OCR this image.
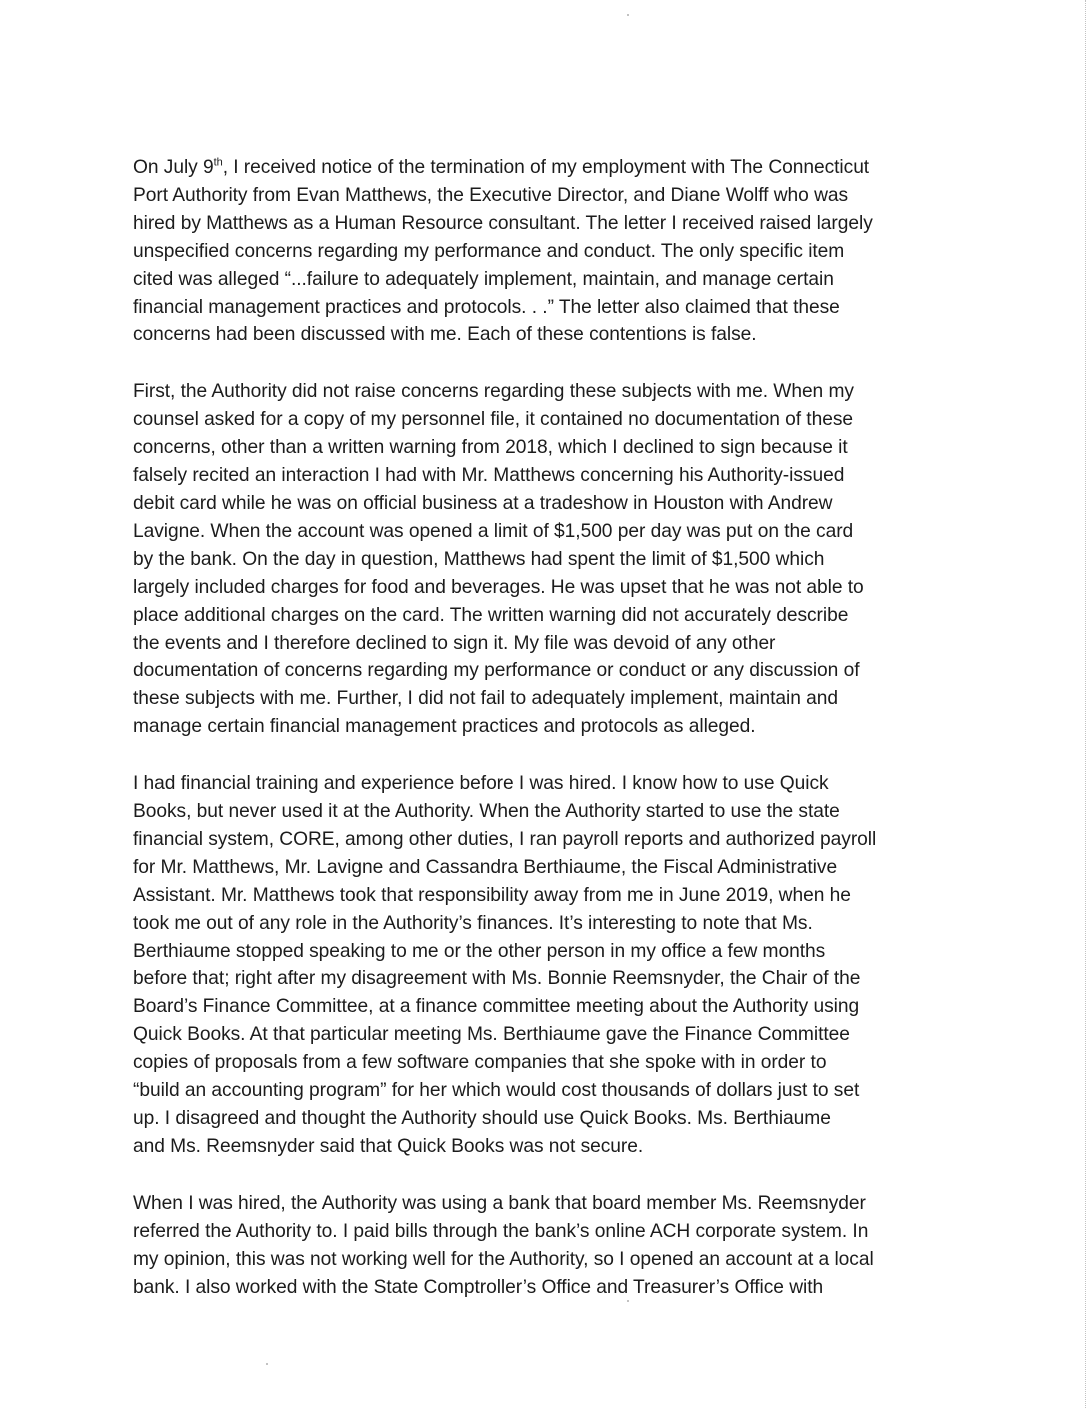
On July 9th, I received notice of the termination of my employment with The Connecticut
Port Authority from Evan Matthews, the Executive Director, and Diane Wolff who was
hired by Matthews as a Human Resource consultant. The letter I received raised largely
unspecified concerns regarding my performance and conduct. The only specific item
cited was alleged “...failure to adequately implement, maintain, and manage certain
financial management practices and protocols. . .” The letter also claimed that these
concerns had been discussed with me. Each of these contentions is false.

First, the Authority did not raise concerns regarding these subjects with me. When my
counsel asked for a copy of my personnel file, it contained no documentation of these
concerns, other than a written warning from 2018, which I declined to sign because it
falsely recited an interaction I had with Mr. Matthews concerning his Authority-issued
debit card while he was on official business at a tradeshow in Houston with Andrew
Lavigne. When the account was opened a limit of $1,500 per day was put on the card
by the bank. On the day in question, Matthews had spent the limit of $1,500 which
largely included charges for food and beverages. He was upset that he was not able to
place additional charges on the card. The written warning did not accurately describe
the events and I therefore declined to sign it. My file was devoid of any other
documentation of concerns regarding my performance or conduct or any discussion of
these subjects with me. Further, I did not fail to adequately implement, maintain and
manage certain financial management practices and protocols as alleged.

I had financial training and experience before I was hired. I know how to use Quick
Books, but never used it at the Authority. When the Authority started to use the state
financial system, CORE, among other duties, I ran payroll reports and authorized payroll
for Mr. Matthews, Mr. Lavigne and Cassandra Berthiaume, the Fiscal Administrative
Assistant. Mr. Matthews took that responsibility away from me in June 2019, when he
took me out of any role in the Authority’s finances. It’s interesting to note that Ms.
Berthiaume stopped speaking to me or the other person in my office a few months
before that; right after my disagreement with Ms. Bonnie Reemsnyder, the Chair of the
Board’s Finance Committee, at a finance committee meeting about the Authority using
Quick Books. At that particular meeting Ms. Berthiaume gave the Finance Committee
copies of proposals from a few software companies that she spoke with in order to
“build an accounting program” for her which would cost thousands of dollars just to set
up. I disagreed and thought the Authority should use Quick Books. Ms. Berthiaume
and Ms. Reemsnyder said that Quick Books was not secure.

When I was hired, the Authority was using a bank that board member Ms. Reemsnyder
referred the Authority to. I paid bills through the bank’s online ACH corporate system. In
my opinion, this was not working well for the Authority, so I opened an account at a local
bank. I also worked with the State Comptroller’s Office and Treasurer’s Office with
